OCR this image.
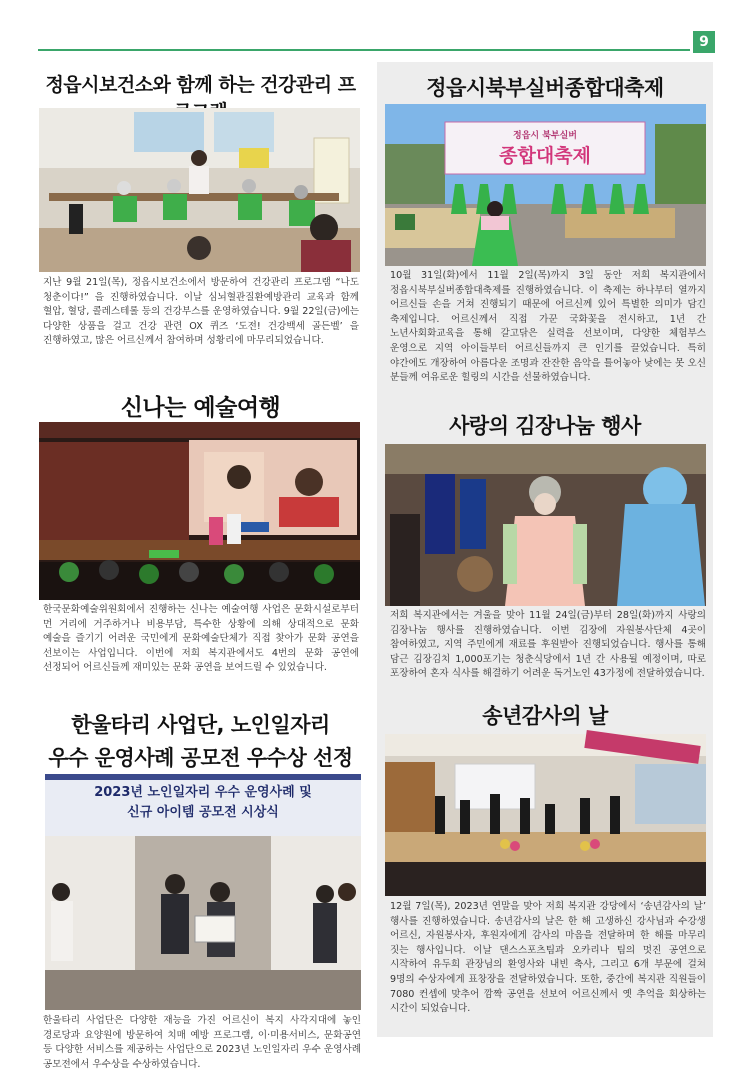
9
정읍시보건소와 함께 하는 건강관리 프
지난 9월 21일(목), 정읍시보건소에서 방문하여 건강관리 프로그램 “나도 청춘이다!” 을 진행하였습니다. 이날 심뇌혈관질환예방관리 교육과 함께 혈압, 혈당, 콜레스테롤 등의 건강부스를 운영하였습니다. 9월 22일(금)에는 다양한 상품을 걸고 건강 관련 OX 퀴즈 ‘도전! 건강백세 골든벨’ 을 진행하였고, 많은 어르신께서 참여하며 성황리에 마무리되었습니다.
신나는 예술여행
한국문화예술위원회에서 진행하는 신나는 예술여행 사업은 문화시설로부터 먼 거리에 거주하거나 비용부담, 특수한 상황에 의해 상대적으로 문화 예술을 즐기기 어려운 국민에게 문화예술단체가 직접 찾아가 문화 공연을 선보이는 사업입니다. 이번에 저희 복지관에서도 4번의 문화 공연에 선정되어 어르신들께 재미있는 문화 공연을 보여드릴 수 있었습니다.
한울타리 사업단, 노인일자리
우수 운영사례 공모전 우수상 선정
2023년 노인일자리 우수 운영사례 및
신규 아이템 공모전 시상식
한울타리 사업단은 다양한 재능을 가진 어르신이 복지 사각지대에 놓인 경로당과 요양원에 방문하여 치매 예방 프로그램, 이·미용서비스, 문화공연 등 다양한 서비스를 제공하는 사업단으로 2023년 노인일자리 우수 운영사례 공모전에서 우수상을 수상하였습니다.
정읍시북부실버종합대축제
정읍시 북부실버
종합대축제
10월 31일(화)에서 11월 2일(목)까지 3일 동안 저희 복지관에서 정읍시북부실버종합대축제를 진행하였습니다. 이 축제는 하나부터 열까지 어르신들 손을 거쳐 진행되기 때문에 어르신께 있어 특별한 의미가 담긴 축제입니다. 어르신께서 직접 가꾼 국화꽃을 전시하고, 1년 간 노년사회화교육을 통해 갈고닦은 실력을 선보이며, 다양한 체험부스 운영으로 지역 아이들부터 어르신들까지 큰 인기를 끌었습니다. 특히 야간에도 개장하여 아름다운 조명과 잔잔한 음악을 틀어놓아 낮에는 못 오신 분들께 여유로운 힐링의 시간을 선물하였습니다.
사랑의 김장나눔 행사
저희 복지관에서는 겨울을 맞아 11월 24일(금)부터 28일(화)까지 사랑의 김장나눔 행사를 진행하였습니다. 이번 김장에 자원봉사단체 4곳이 참여하였고, 지역 주민에게 재료를 후원받아 진행되었습니다. 행사를 통해 담근 김장김치 1,000포기는 청춘식당에서 1년 간 사용될 예정이며, 따로 포장하여 혼자 식사를 해결하기 어려운 독거노인 43가정에 전달하였습니다.
송년감사의 날
12월 7일(목), 2023년 연말을 맞아 저희 복지관 강당에서 ‘송년감사의 날’ 행사를 진행하였습니다. 송년감사의 날은 한 해 고생하신 강사님과 수강생 어르신, 자원봉사자, 후원자에게 감사의 마음을 전달하며 한 해를 마무리 짓는 행사입니다. 이날 댄스스포츠팀과 오카리나 팀의 멋진 공연으로 시작하여 유두희 관장님의 환영사와 내빈 축사, 그리고 6개 부문에 걸쳐 9명의 수상자에게 표창장을 전달하였습니다. 또한, 중간에 복지관 직원들이 7080 컨셉에 맞추어 깜짝 공연을 선보여 어르신께서 옛 추억을 회상하는 시간이 되었습니다.
